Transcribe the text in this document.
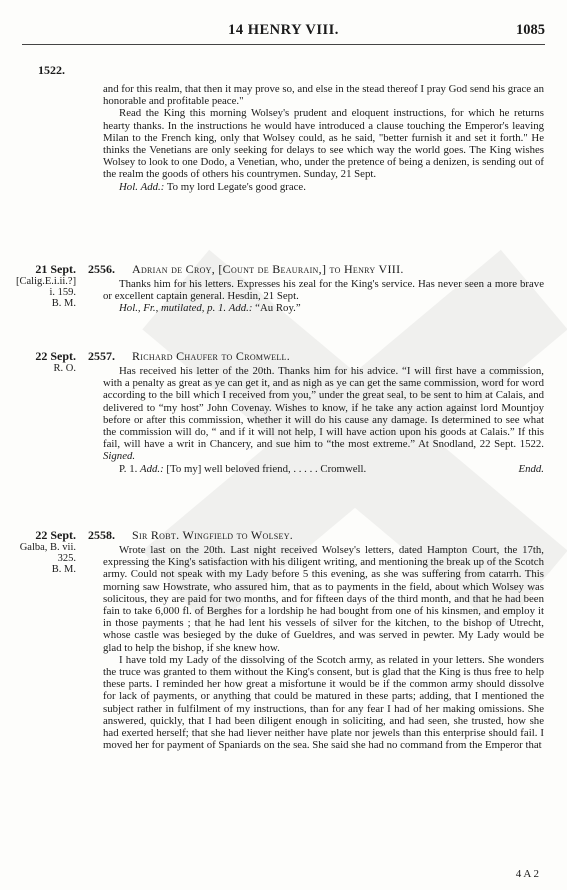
14 HENRY VIII.	1085
1522.

and for this realm, that then it may prove so, and else in the stead thereof I pray God send his grace an honorable and profitable peace."

Read the King this morning Wolsey's prudent and eloquent instructions, for which he returns hearty thanks. In the instructions he would have introduced a clause touching the Emperor's leaving Milan to the French king, only that Wolsey could, as he said, "better furnish it and set it forth." He thinks the Venetians are only seeking for delays to see which way the world goes. The King wishes Wolsey to look to one Dodo, a Venetian, who, under the pretence of being a denizen, is sending out of the realm the goods of others his countrymen. Sunday, 21 Sept.

Hol. Add.: To my lord Legate's good grace.

21 Sept.
[Calig.E.i.ii.?]
i. 159.
B. M.
2556. Adrian de Croy, [Count de Beaurain,] to Henry VIII.

Thanks him for his letters. Expresses his zeal for the King's service. Has never seen a more brave or excellent captain general. Hesdin, 21 Sept.

Hol., Fr., mutilated, p. 1. Add.: “Au Roy.”

22 Sept.
R. O.
2557. Richard Chaufer to Cromwell.

Has received his letter of the 20th. Thanks him for his advice. “I will first have a commission, with a penalty as great as ye can get it, and as nigh as ye can get the same commission, word for word according to the bill which I received from you,” under the great seal, to be sent to him at Calais, and delivered to “my host” John Covenay. Wishes to know, if he take any action against lord Mountjoy before or after this commission, whether it will do his cause any damage. Is determined to see what the commission will do, “ and if it will not help, I will have action upon his goods at Calais.” If this fail, will have a writ in Chancery, and sue him to “the most extreme.” At Snodland, 22 Sept. 1522. Signed.

P. 1. Add.: [To my] well beloved friend, . . . . . Cromwell.	Endd.

22 Sept.
Galba, B. vii.
325.
B. M.
2558. Sir Robt. Wingfield to Wolsey.

Wrote last on the 20th. Last night received Wolsey's letters, dated Hampton Court, the 17th, expressing the King's satisfaction with his diligent writing, and mentioning the break up of the Scotch army. Could not speak with my Lady before 5 this evening, as she was suffering from catarrh. This morning saw Howstrate, who assured him, that as to payments in the field, about which Wolsey was solicitous, they are paid for two months, and for fifteen days of the third month, and that he had been fain to take 6,000 fl. of Berghes for a lordship he had bought from one of his kinsmen, and employ it in those payments ; that he had lent his vessels of silver for the kitchen, to the bishop of Utrecht, whose castle was besieged by the duke of Gueldres, and was served in pewter. My Lady would be glad to help the bishop, if she knew how.

I have told my Lady of the dissolving of the Scotch army, as related in your letters. She wonders the truce was granted to them without the King's consent, but is glad that the King is thus free to help these parts. I reminded her how great a misfortune it would be if the common army should dissolve for lack of payments, or anything that could be matured in these parts; adding, that I mentioned the subject rather in fulfilment of my instructions, than for any fear I had of her making omissions. She answered, quickly, that I had been diligent enough in soliciting, and had seen, she trusted, how she had exerted herself; that she had liever neither have plate nor jewels than this enterprise should fail. I moved her for payment of Spaniards on the sea. She said she had no command from the Emperor that

4 A 2
